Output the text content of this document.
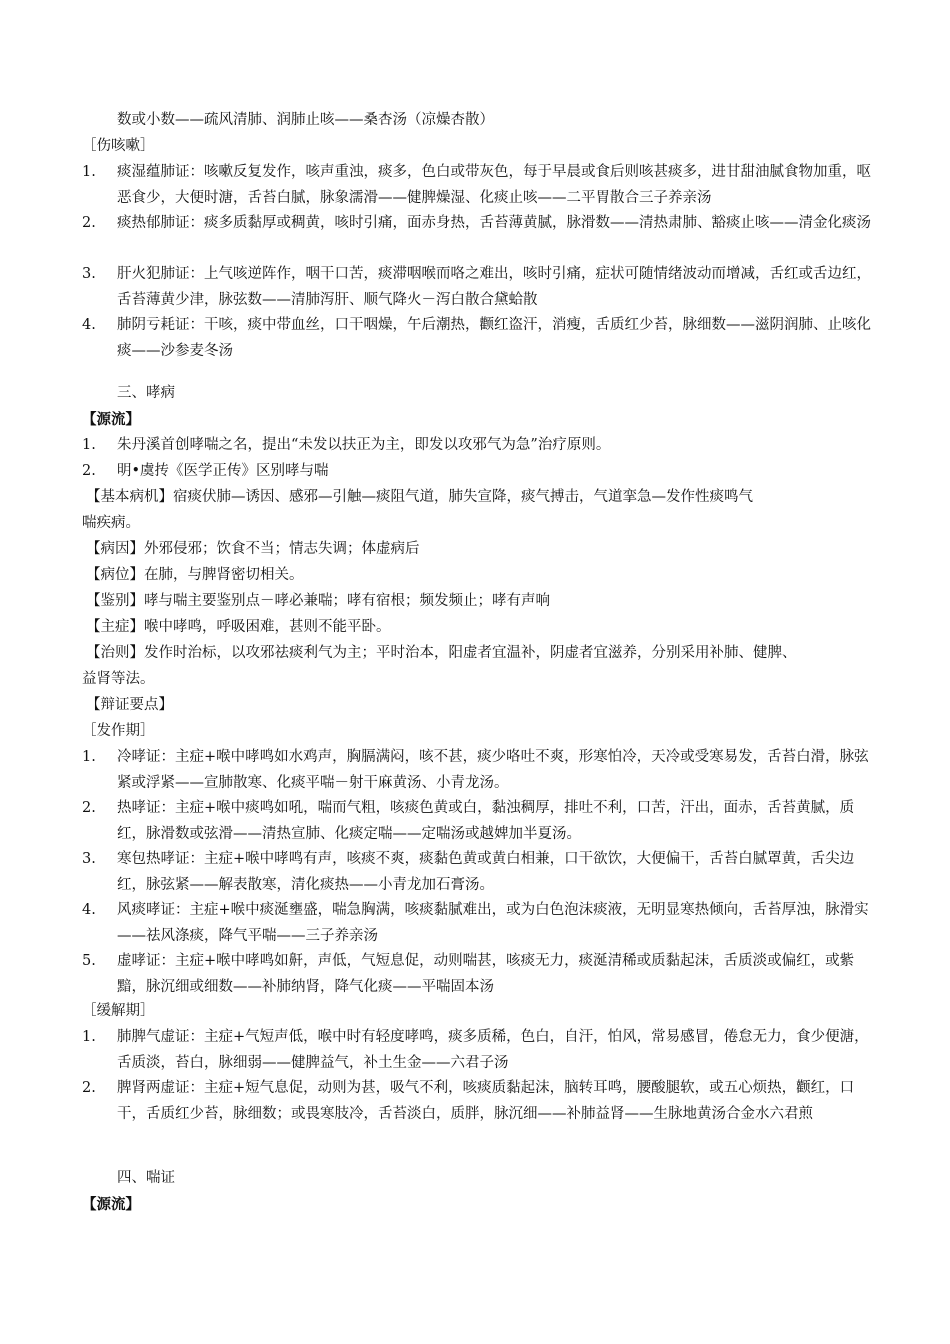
数或小数——疏风清肺、润肺止咳——桑杏汤（凉燥杏散）
［伤咳嗽］
1. 痰湿蕴肺证：咳嗽反复发作，咳声重浊，痰多，色白或带灰色，每于早晨或食后则咳甚痰多，进甘甜油腻食物加重，呕恶食少，大便时溏，舌苔白腻，脉象濡滑——健脾燥湿、化痰止咳——二平胃散合三子养亲汤
2. 痰热郁肺证：痰多质黏厚或稠黄，咳时引痛，面赤身热，舌苔薄黄腻，脉滑数——清热肃肺、豁痰止咳——清金化痰汤
3. 肝火犯肺证：上气咳逆阵作，咽干口苦，痰滞咽喉而咯之难出，咳时引痛，症状可随情绪波动而增减，舌红或舌边红，舌苔薄黄少津，脉弦数——清肺泻肝、顺气降火－泻白散合黛蛤散
4. 肺阴亏耗证：干咳，痰中带血丝，口干咽燥，午后潮热，颧红盗汗，消瘦，舌质红少苔，脉细数——滋阴润肺、止咳化痰——沙参麦冬汤
三、哮病
【源流】
1. 朱丹溪首创哮喘之名，提出“未发以扶正为主，即发以攻邪气为急”治疗原则。
2. 明•虞抟《医学正传》区别哮与喘
【基本病机】宿痰伏肺—诱因、感邪—引触—痰阻气道，肺失宣降，痰气搏击，气道挛急—发作性痰鸣气
喘疾病。
【病因】外邪侵邪；饮食不当；情志失调；体虚病后
【病位】在肺，与脾肾密切相关。
【鉴别】哮与喘主要鉴别点－哮必兼喘；哮有宿根；频发频止；哮有声响
【主症】喉中哮鸣，呼吸困难，甚则不能平卧。
【治则】发作时治标，以攻邪祛痰利气为主；平时治本，阳虚者宜温补，阴虚者宜滋养，分别采用补肺、健脾、
益肾等法。
【辩证要点】
［发作期］
1. 冷哮证：主症+喉中哮鸣如水鸡声，胸膈满闷，咳不甚，痰少咯吐不爽，形寒怕冷，天冷或受寒易发，舌苔白滑，脉弦紧或浮紧——宣肺散寒、化痰平喘－射干麻黄汤、小青龙汤。
2. 热哮证：主症+喉中痰鸣如吼，喘而气粗，咳痰色黄或白，黏浊稠厚，排吐不利，口苦，汗出，面赤，舌苔黄腻，质红，脉滑数或弦滑——清热宣肺、化痰定喘——定喘汤或越婢加半夏汤。
3. 寒包热哮证：主症+喉中哮鸣有声，咳痰不爽，痰黏色黄或黄白相兼，口干欲饮，大便偏干，舌苔白腻罩黄，舌尖边红，脉弦紧——解表散寒，清化痰热——小青龙加石膏汤。
4. 风痰哮证：主症+喉中痰涎壅盛，喘急胸满，咳痰黏腻难出，或为白色泡沫痰液，无明显寒热倾向，舌苔厚浊，脉滑实——祛风涤痰，降气平喘——三子养亲汤
5. 虚哮证：主症+喉中哮鸣如鼾，声低，气短息促，动则喘甚，咳痰无力，痰涎清稀或质黏起沫，舌质淡或偏红，或紫黯，脉沉细或细数——补肺纳肾，降气化痰——平喘固本汤
［缓解期］
1. 肺脾气虚证：主症+气短声低，喉中时有轻度哮鸣，痰多质稀，色白，自汗，怕风，常易感冒，倦怠无力，食少便溏，舌质淡，苔白，脉细弱——健脾益气，补土生金——六君子汤
2. 脾肾两虚证：主症+短气息促，动则为甚，吸气不利，咳痰质黏起沫，脑转耳鸣，腰酸腿软，或五心烦热，颧红，口干，舌质红少苔，脉细数；或畏寒肢冷，舌苔淡白，质胖，脉沉细——补肺益肾——生脉地黄汤合金水六君煎
四、喘证
【源流】
